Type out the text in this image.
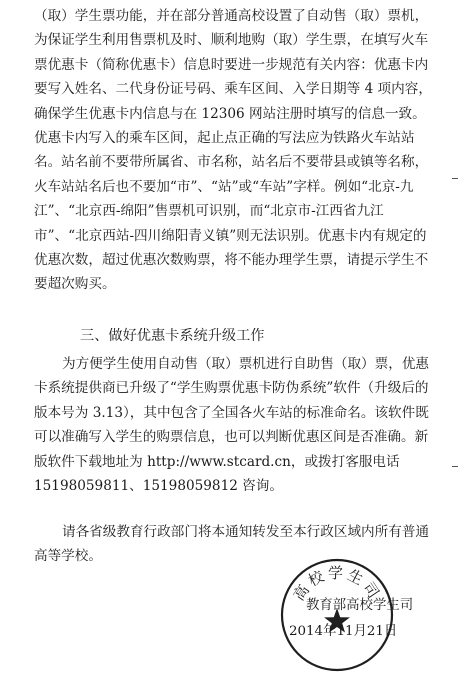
（取）学生票功能，并在部分普通高校设置了自动售（取）票机，为保证学生利用售票机及时、顺利地购（取）学生票，在填写火车票优惠卡（简称优惠卡）信息时要进一步规范有关内容：优惠卡内要写入姓名、二代身份证号码、乘车区间、入学日期等 4 项内容，确保学生优惠卡内信息与在 12306 网站注册时填写的信息一致。优惠卡内写入的乘车区间，起止点正确的写法应为铁路火车站站名。站名前不要带所属省、市名称，站名后不要带县或镇等名称，火车站站名后也不要加“市”、“站”或“车站”字样。例如“北京-九江”、“北京西-绵阳”售票机可识别，而“北京市-江西省九江市”、“北京西站-四川绵阳青义镇”则无法识别。优惠卡内有规定的优惠次数，超过优惠次数购票，将不能办理学生票，请提示学生不要超次购买。

三、做好优惠卡系统升级工作

为方便学生使用自动售（取）票机进行自助售（取）票，优惠卡系统提供商已升级了“学生购票优惠卡防伪系统”软件（升级后的版本号为 3.13），其中包含了全国各火车站的标准命名。该软件既可以准确写入学生的购票信息，也可以判断优惠区间是否准确。新版软件下载地址为 http://www.stcard.cn，或拨打客服电话 15198059811、15198059812 咨询。

请各省级教育行政部门将本通知转发至本行政区域内所有普通高等学校。

高校学生司
教育部高校学生司
2014年11月21日
